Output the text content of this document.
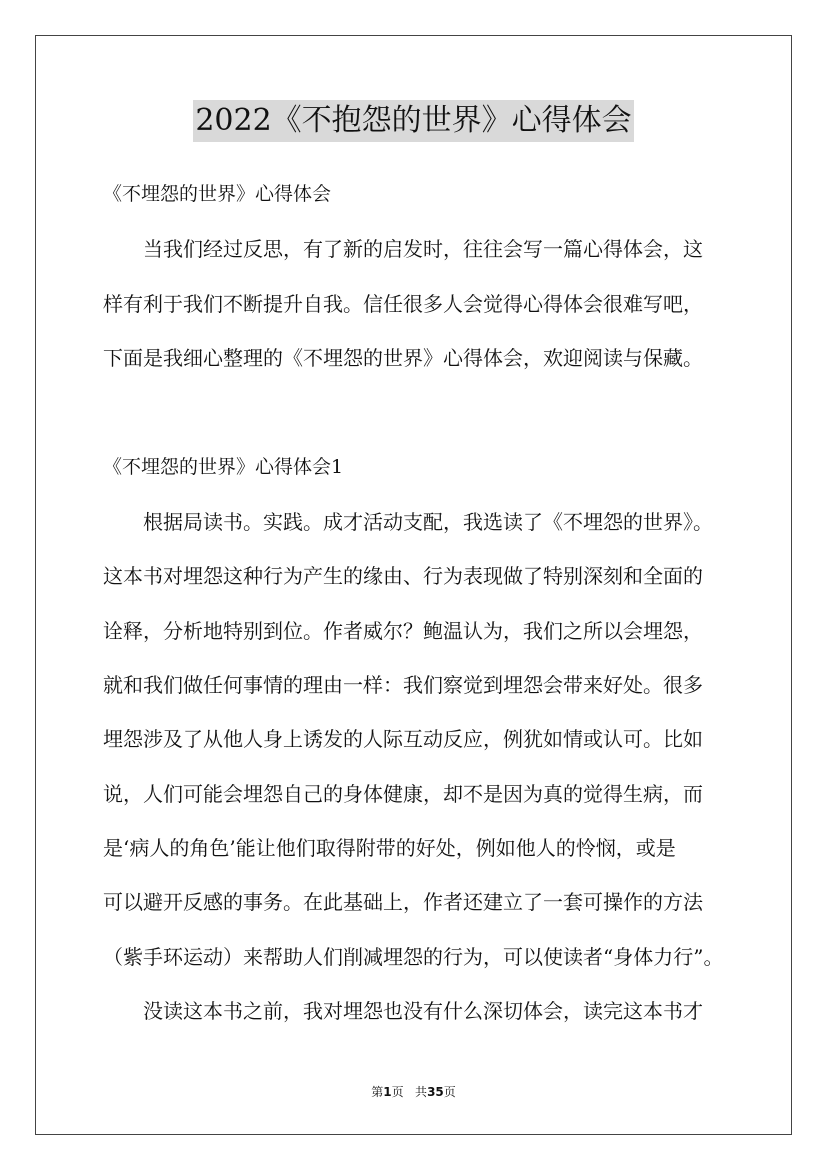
2022《不抱怨的世界》心得体会
《不埋怨的世界》心得体会
当我们经过反思，有了新的启发时，往往会写一篇心得体会，这
样有利于我们不断提升自我。信任很多人会觉得心得体会很难写吧，
下面是我细心整理的《不埋怨的世界》心得体会，欢迎阅读与保藏。
《不埋怨的世界》心得体会1
根据局读书。实践。成才活动支配，我选读了《不埋怨的世界》。
这本书对埋怨这种行为产生的缘由、行为表现做了特别深刻和全面的
诠释，分析地特别到位。作者威尔？鲍温认为，我们之所以会埋怨，
就和我们做任何事情的理由一样：我们察觉到埋怨会带来好处。很多
埋怨涉及了从他人身上诱发的人际互动反应，例犹如情或认可。比如
说，人们可能会埋怨自己的身体健康，却不是因为真的觉得生病，而
是‘病人的角色’能让他们取得附带的好处，例如他人的怜悯，或是
可以避开反感的事务。在此基础上，作者还建立了一套可操作的方法
（紫手环运动）来帮助人们削减埋怨的行为，可以使读者“身体力行”。
没读这本书之前，我对埋怨也没有什么深切体会，读完这本书才
第1页 共35页
